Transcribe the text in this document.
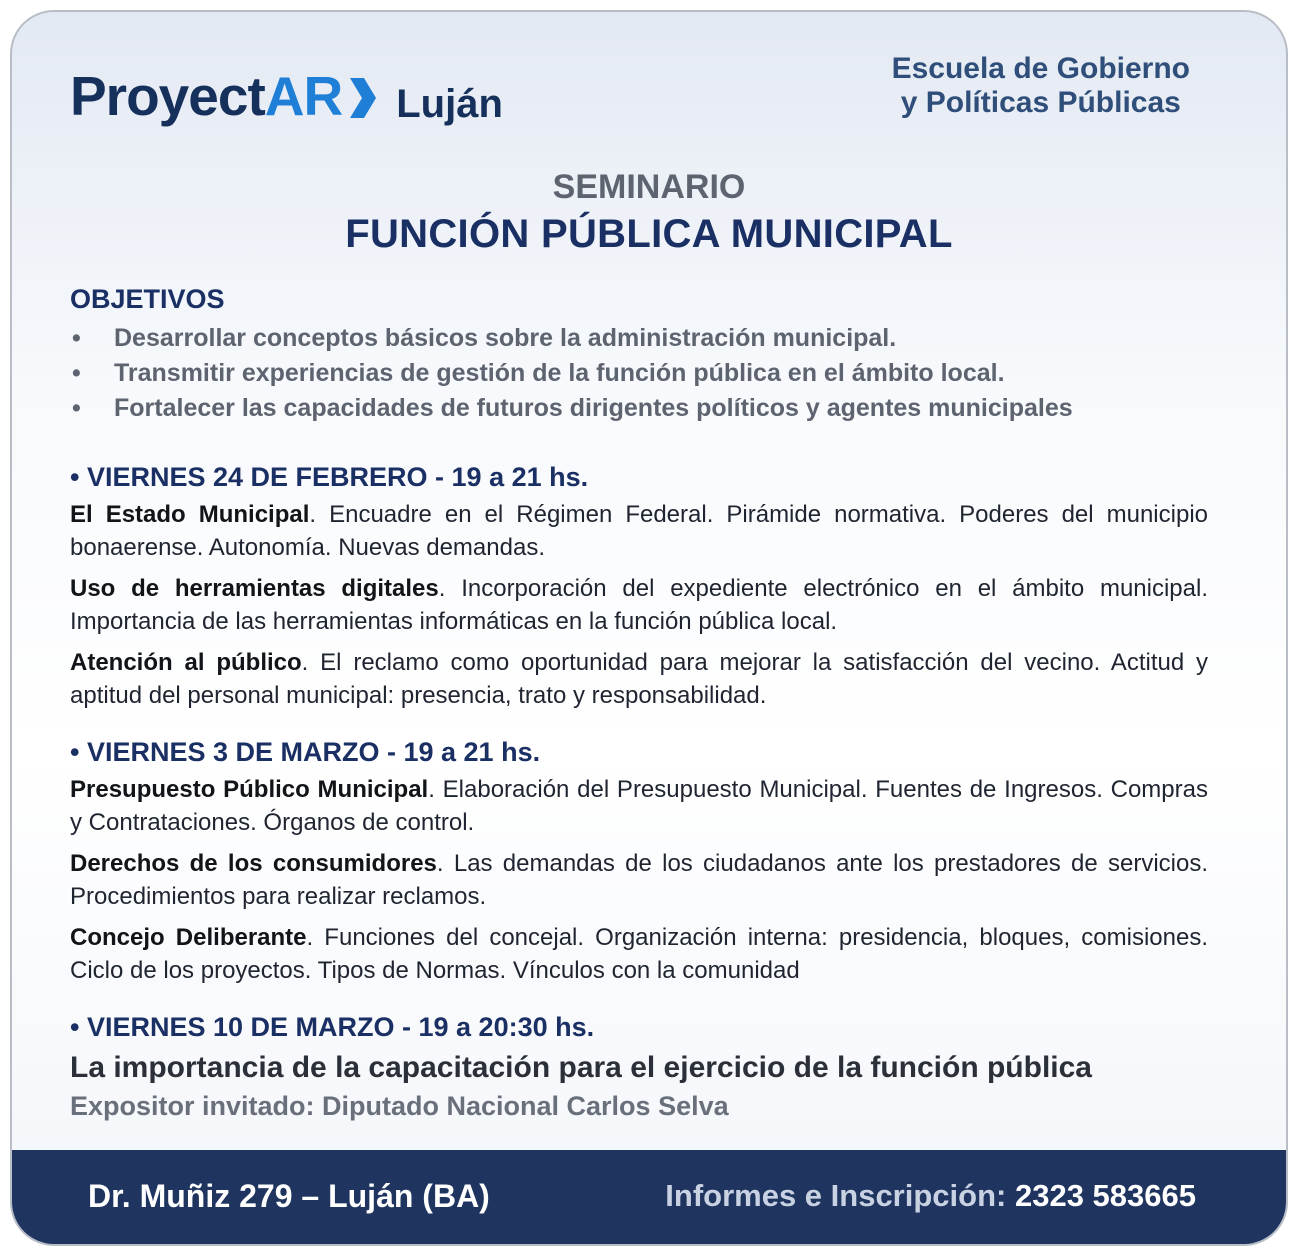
Proyect AR Luján
Escuela de Gobierno
y Políticas Públicas
SEMINARIO
FUNCIÓN PÚBLICA MUNICIPAL
OBJETIVOS
• Desarrollar conceptos básicos sobre la administración municipal.
• Transmitir experiencias de gestión de la función pública en el ámbito local.
• Fortalecer las capacidades de futuros dirigentes políticos y agentes municipales
• VIERNES 24 DE FEBRERO - 19 a 21 hs.

El Estado Municipal. Encuadre en el Régimen Federal. Pirámide normativa. Poderes del municipio bonaerense. Autonomía. Nuevas demandas.

Uso de herramientas digitales. Incorporación del expediente electrónico en el ámbito municipal. Importancia de las herramientas informáticas en la función pública local.

Atención al público. El reclamo como oportunidad para mejorar la satisfacción del vecino. Actitud y aptitud del personal municipal: presencia, trato y responsabilidad.

• VIERNES 3 DE MARZO - 19 a 21 hs.

Presupuesto Público Municipal. Elaboración del Presupuesto Municipal. Fuentes de Ingresos. Compras y Contrataciones. Órganos de control.

Derechos de los consumidores. Las demandas de los ciudadanos ante los prestadores de servicios. Procedimientos para realizar reclamos.

Concejo Deliberante. Funciones del concejal. Organización interna: presidencia, bloques, comisiones. Ciclo de los proyectos. Tipos de Normas. Vínculos con la comunidad

• VIERNES 10 DE MARZO - 19 a 20:30 hs.
La importancia de la capacitación para el ejercicio de la función pública
Expositor invitado: Diputado Nacional Carlos Selva
Dr. Muñiz 279 – Luján (BA)	Informes e Inscripción: 2323 583665
